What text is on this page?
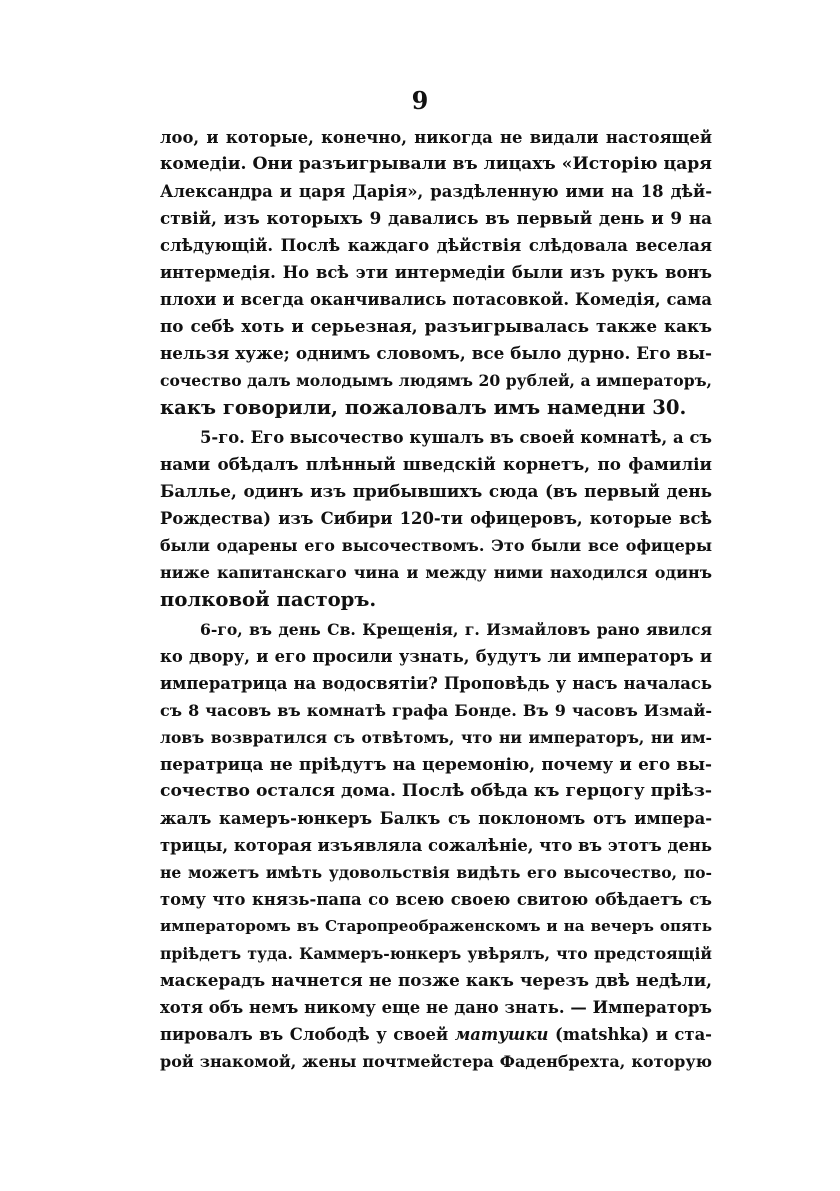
9
лоо, и которые, конечно, никогда не видали настоящей
комедіи. Они разъигрывали въ лицахъ «Исторію царя
Александра и царя Дарія», раздѣленную ими на 18 дѣй-
ствій, изъ которыхъ 9 давались въ первый день и 9 на
слѣдующій. Послѣ каждаго дѣйствія слѣдовала веселая
интермедія. Но всѣ эти интермедіи были изъ рукъ вонъ
плохи и всегда оканчивались потасовкой. Комедія, сама
по себѣ хоть и серьезная, разъигрывалась также какъ
нельзя хуже; однимъ словомъ, все было дурно. Его вы-
сочество далъ молодымъ людямъ 20 рублей, а императоръ,
какъ говорили, пожаловалъ имъ намедни 30.
5-го. Его высочество кушалъ въ своей комнатѣ, а съ
нами обѣдалъ плѣнный шведскій корнетъ, по фамиліи
Баллье, одинъ изъ прибывшихъ сюда (въ первый день
Рождества) изъ Сибири 120-ти офицеровъ, которые всѣ
были одарены его высочествомъ. Это были все офицеры
ниже капитанскаго чина и между ними находился одинъ
полковой пасторъ.
6-го, въ день Св. Крещенія, г. Измайловъ рано явился
ко двору, и его просили узнать, будутъ ли императоръ и
императрица на водосвятіи? Проповѣдь у насъ началась
съ 8 часовъ въ комнатѣ графа Бонде. Въ 9 часовъ Измай-
ловъ возвратился съ отвѣтомъ, что ни императоръ, ни им-
ператрица не пріѣдутъ на церемонію, почему и его вы-
сочество остался дома. Послѣ обѣда къ герцогу пріѣз-
жалъ камеръ-юнкеръ Балкъ съ поклономъ отъ импера-
трицы, которая изъявляла сожалѣніе, что въ этотъ день
не можетъ имѣть удовольствія видѣть его высочество, по-
тому что князь-папа со всею своею свитою обѣдаетъ съ
императоромъ въ Старопреображенскомъ и на вечеръ опять
пріѣдетъ туда. Каммеръ-юнкеръ увѣрялъ, что предстоящій
маскерадъ начнется не позже какъ черезъ двѣ недѣли,
хотя объ немъ никому еще не дано знать. — Императоръ
пировалъ въ Слободѣ у своей матушки (matshka) и ста-
рой знакомой, жены почтмейстера Фаденбрехта, которую
